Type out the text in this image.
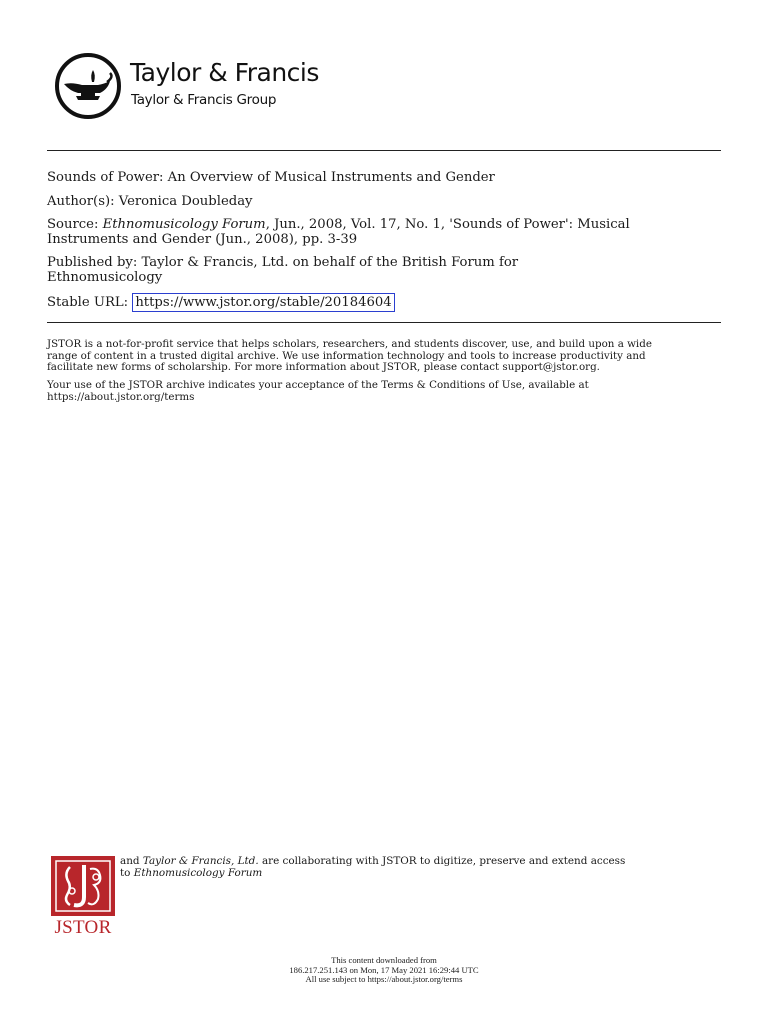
Taylor & Francis
Taylor & Francis Group
Sounds of Power: An Overview of Musical Instruments and Gender
Author(s): Veronica Doubleday
Source: Ethnomusicology Forum, Jun., 2008, Vol. 17, No. 1, 'Sounds of Power': Musical
Instruments and Gender (Jun., 2008), pp. 3-39
Published by: Taylor & Francis, Ltd. on behalf of the British Forum for
Ethnomusicology
Stable URL: https://www.jstor.org/stable/20184604
JSTOR is a not-for-profit service that helps scholars, researchers, and students discover, use, and build upon a wide
range of content in a trusted digital archive. We use information technology and tools to increase productivity and
facilitate new forms of scholarship. For more information about JSTOR, please contact support@jstor.org.
Your use of the JSTOR archive indicates your acceptance of the Terms & Conditions of Use, available at
https://about.jstor.org/terms
JSTOR
and Taylor & Francis, Ltd. are collaborating with JSTOR to digitize, preserve and extend access
to Ethnomusicology Forum
This content downloaded from
186.217.251.143 on Mon, 17 May 2021 16:29:44 UTC
All use subject to https://about.jstor.org/terms
